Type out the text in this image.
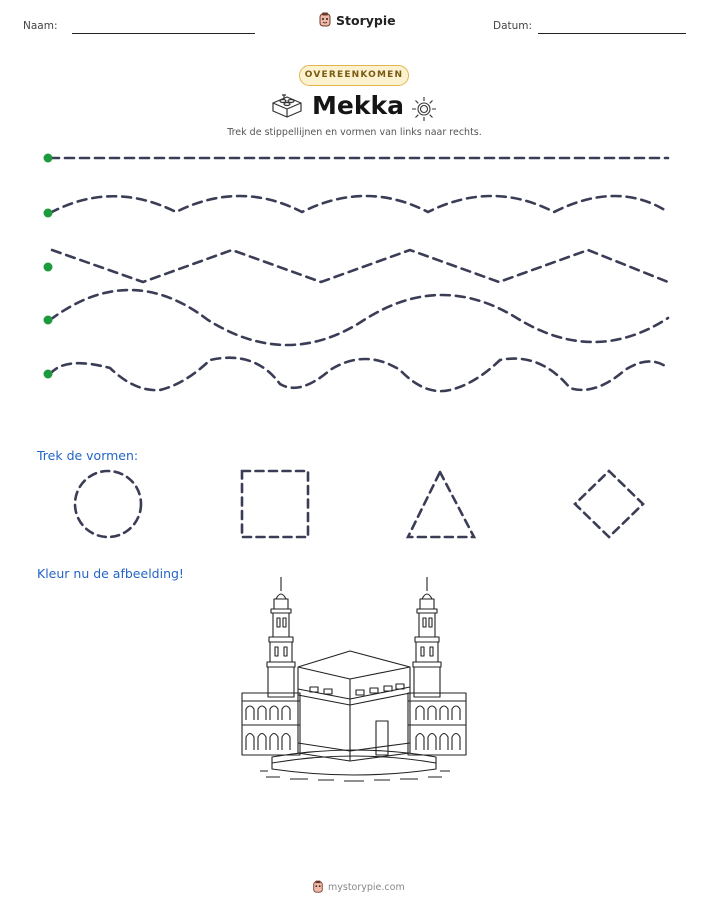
Naam:	Storypie	Datum:
OVEREENKOMEN
Mekka
Trek de stippellijnen en vormen van links naar rechts.
Trek de vormen:
Kleur nu de afbeelding!
mystorypie.com
